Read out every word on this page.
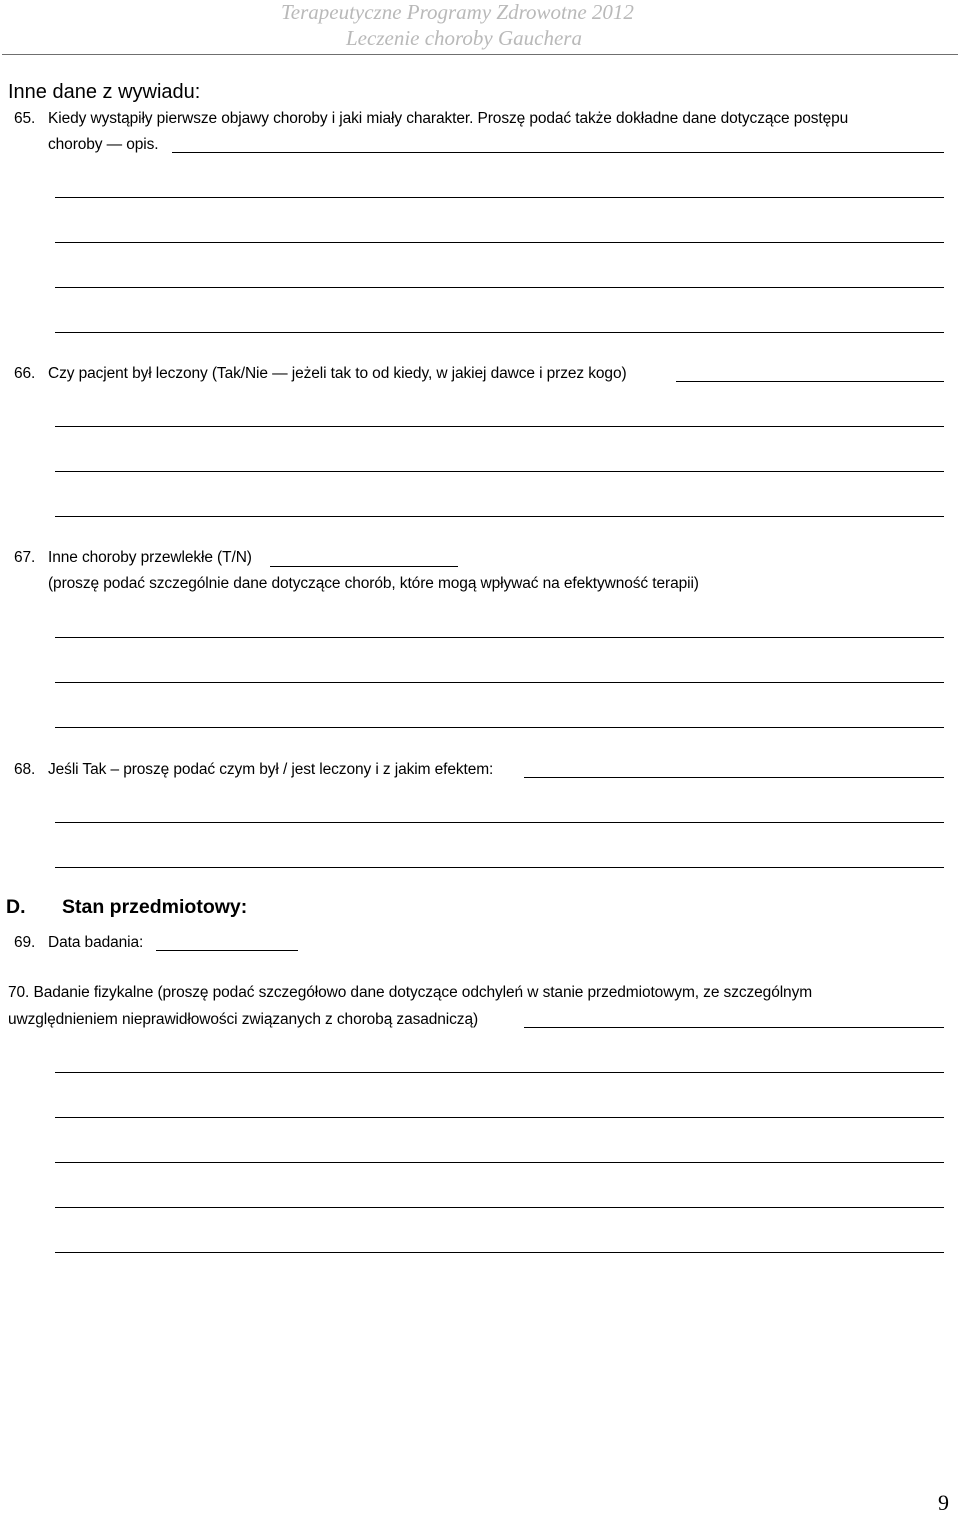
Terapeutyczne Programy Zdrowotne 2012
Leczenie choroby Gauchera
Inne dane z wywiadu:
65. Kiedy wystąpiły pierwsze objawy choroby i jaki miały charakter. Proszę podać także dokładne dane dotyczące postępu
choroby — opis.
66. Czy pacjent był leczony (Tak/Nie — jeżeli tak to od kiedy, w jakiej dawce i przez kogo)
67. Inne choroby przewlekłe (T/N)
(proszę podać szczególnie dane dotyczące chorób, które mogą wpływać na efektywność terapii)
68. Jeśli Tak – proszę podać czym był / jest leczony i z jakim efektem:
D. Stan przedmiotowy:
69. Data badania:
70. Badanie fizykalne (proszę podać szczegółowo dane dotyczące odchyleń w stanie przedmiotowym, ze szczególnym
uwzględnieniem nieprawidłowości związanych z chorobą zasadniczą)
9
